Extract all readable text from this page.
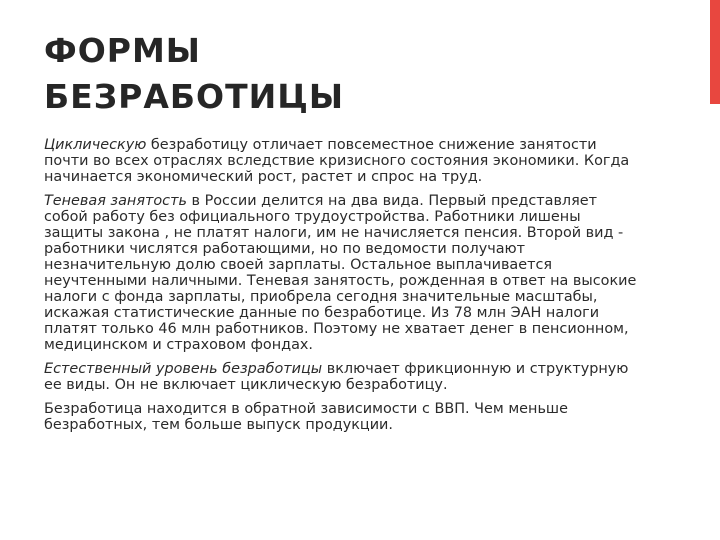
ФОРМЫ
БЕЗРАБОТИЦЫ

Циклическую безработицу отличает повсеместное снижение занятости почти во всех отраслях вследствие кризисного состояния экономики. Когда начинается экономический рост, растет и спрос на труд.

Теневая занятость в России делится на два вида. Первый представляет собой работу без официального трудоустройства. Работники лишены защиты закона , не платят налоги, им не начисляется пенсия. Второй вид - работники числятся работающими, но по ведомости получают незначительную долю своей зарплаты. Остальное выплачивается неучтенными наличными. Теневая занятость, рожденная в ответ на высокие налоги с фонда зарплаты, приобрела сегодня значительные масштабы, искажая статистические данные по безработице. Из 78 млн ЭАН налоги платят только 46 млн работников. Поэтому не хватает денег в пенсионном, медицинском и страховом фондах.

Естественный уровень безработицы включает фрикционную и структурную ее виды. Он не включает циклическую безработицу.

Безработица находится в обратной зависимости с ВВП. Чем меньше безработных, тем больше выпуск продукции.
